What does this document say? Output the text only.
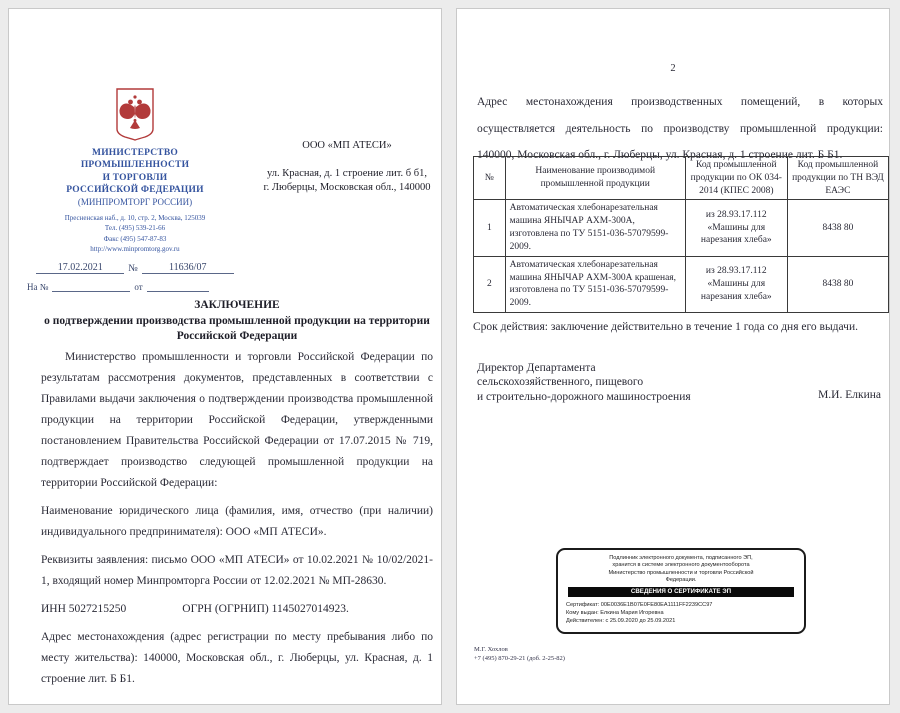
МИНИСТЕРСТВО
ПРОМЫШЛЕННОСТИ
И ТОРГОВЛИ
РОССИЙСКОЙ ФЕДЕРАЦИИ
(МИНПРОМТОРГ РОССИИ)
Пресненская наб., д. 10, стр. 2, Москва, 125039
Тел. (495) 539-21-66
Факс (495) 547-87-83
http://www.minpromtorg.gov.ru
17.02.2021	№	11636/07
На №	от
ООО «МП АТЕСИ»
ул. Красная, д. 1 строение лит. б б1,
г. Люберцы, Московская обл., 140000
ЗАКЛЮЧЕНИЕ
о подтверждении производства промышленной продукции на территории
Российской Федерации

Министерство промышленности и торговли Российской Федерации по результатам рассмотрения документов, представленных в соответствии с Правилами выдачи заключения о подтверждении производства промышленной продукции на территории Российской Федерации, утвержденными постановлением Правительства Российской Федерации от 17.07.2015 № 719, подтверждает производство следующей промышленной продукции на территории Российской Федерации:

Наименование юридического лица (фамилия, имя, отчество (при наличии) индивидуального предпринимателя): ООО «МП АТЕСИ».

Реквизиты заявления: письмо ООО «МП АТЕСИ» от 10.02.2021 № 10/02/2021-1, входящий номер Минпромторга России от 12.02.2021 № МП-28630.

ИНН 5027215250	ОГРН (ОГРНИП) 1145027014923.

Адрес местонахождения (адрес регистрации по месту пребывания либо по месту жительства): 140000, Московская обл., г. Люберцы, ул. Красная, д. 1 строение лит. Б Б1.

2
Адрес местонахождения производственных помещений, в которых осуществляется деятельность по производству промышленной продукции: 140000, Московская обл., г. Люберцы, ул. Красная, д. 1 строение лит. Б Б1.
№	Наименование производимой промышленной продукции	Код промышленной продукции по ОК 034-2014 (КПЕС 2008)	Код промышленной продукции по ТН ВЭД ЕАЭС
1	Автоматическая хлебонарезательная машина ЯНЫЧАР АХМ-300А, изготовлена по ТУ 5151-036-57079599-2009.	из 28.93.17.112 «Машины для нарезания хлеба»	8438 80
2	Автоматическая хлебонарезательная машина ЯНЫЧАР АХМ-300А крашеная, изготовлена по ТУ 5151-036-57079599-2009.	из 28.93.17.112 «Машины для нарезания хлеба»	8438 80
Срок действия: заключение действительно в течение 1 года со дня его выдачи.
Директор Департамента
сельскохозяйственного, пищевого
и строительно-дорожного машиностроения	М.И. Елкина
Подлинник электронного документа, подписанного ЭП,
хранится в системе электронного документооборота
Министерство промышленности и торговли Российской
Федерации.
СВЕДЕНИЯ О СЕРТИФИКАТЕ ЭП
Сертификат: 00E0036E1B07E0FE80EA1111FF2239CC97
Кому выдан: Елкина Мария Игоревна
Действителен: с 25.09.2020 до 25.09.2021
М.Г. Хохлов
+7 (495) 870-29-21 (доб. 2-25-82)
